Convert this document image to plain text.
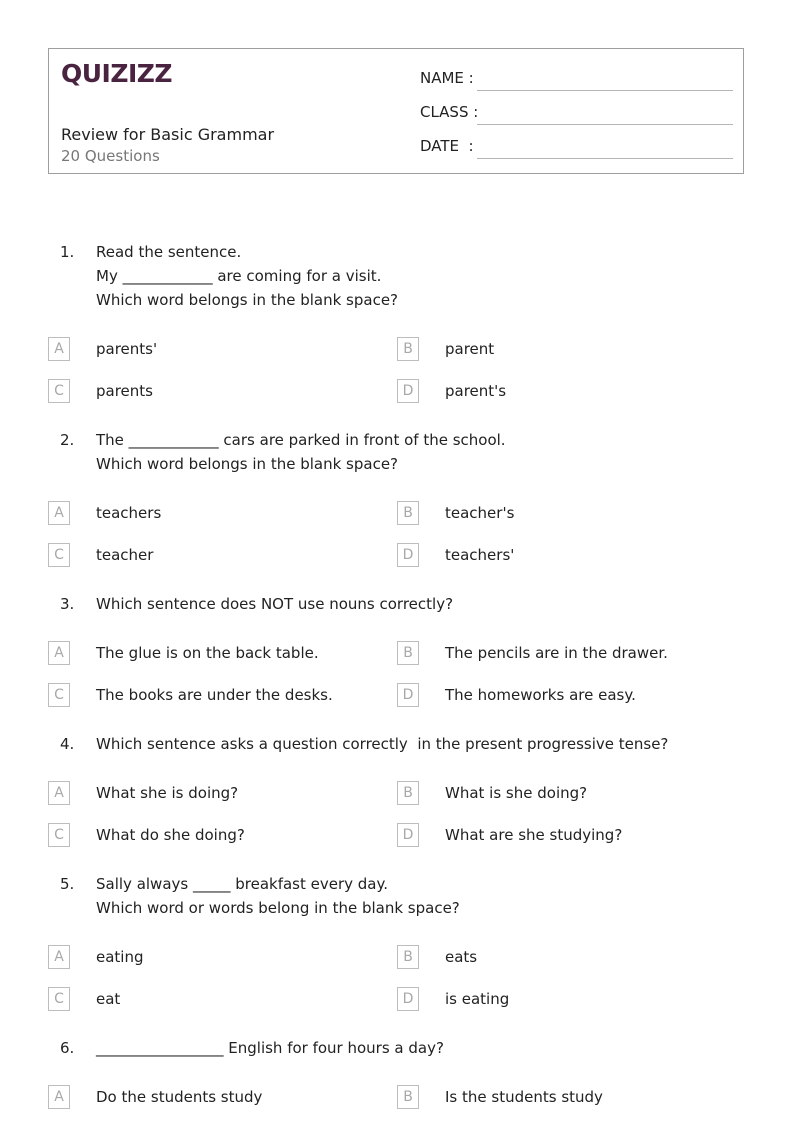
QUIZIZZ
Review for Basic Grammar
20 Questions
NAME :
CLASS :
DATE  :
1. Read the sentence.
My ____________ are coming for a visit.
Which word belongs in the blank space?
A	parents'	B	parent
C	parents	D	parent's
2. The ____________ cars are parked in front of the school.
Which word belongs in the blank space?
A	teachers	B	teacher's
C	teacher	D	teachers'
3. Which sentence does NOT use nouns correctly?
A	The glue is on the back table.	B	The pencils are in the drawer.
C	The books are under the desks.	D	The homeworks are easy.
4. Which sentence asks a question correctly  in the present progressive tense?
A	What she is doing?	B	What is she doing?
C	What do she doing?	D	What are she studying?
5. Sally always _____ breakfast every day.
Which word or words belong in the blank space?
A	eating	B	eats
C	eat	D	is eating
6. _________________ English for four hours a day?
A	Do the students study	B	Is the students study
